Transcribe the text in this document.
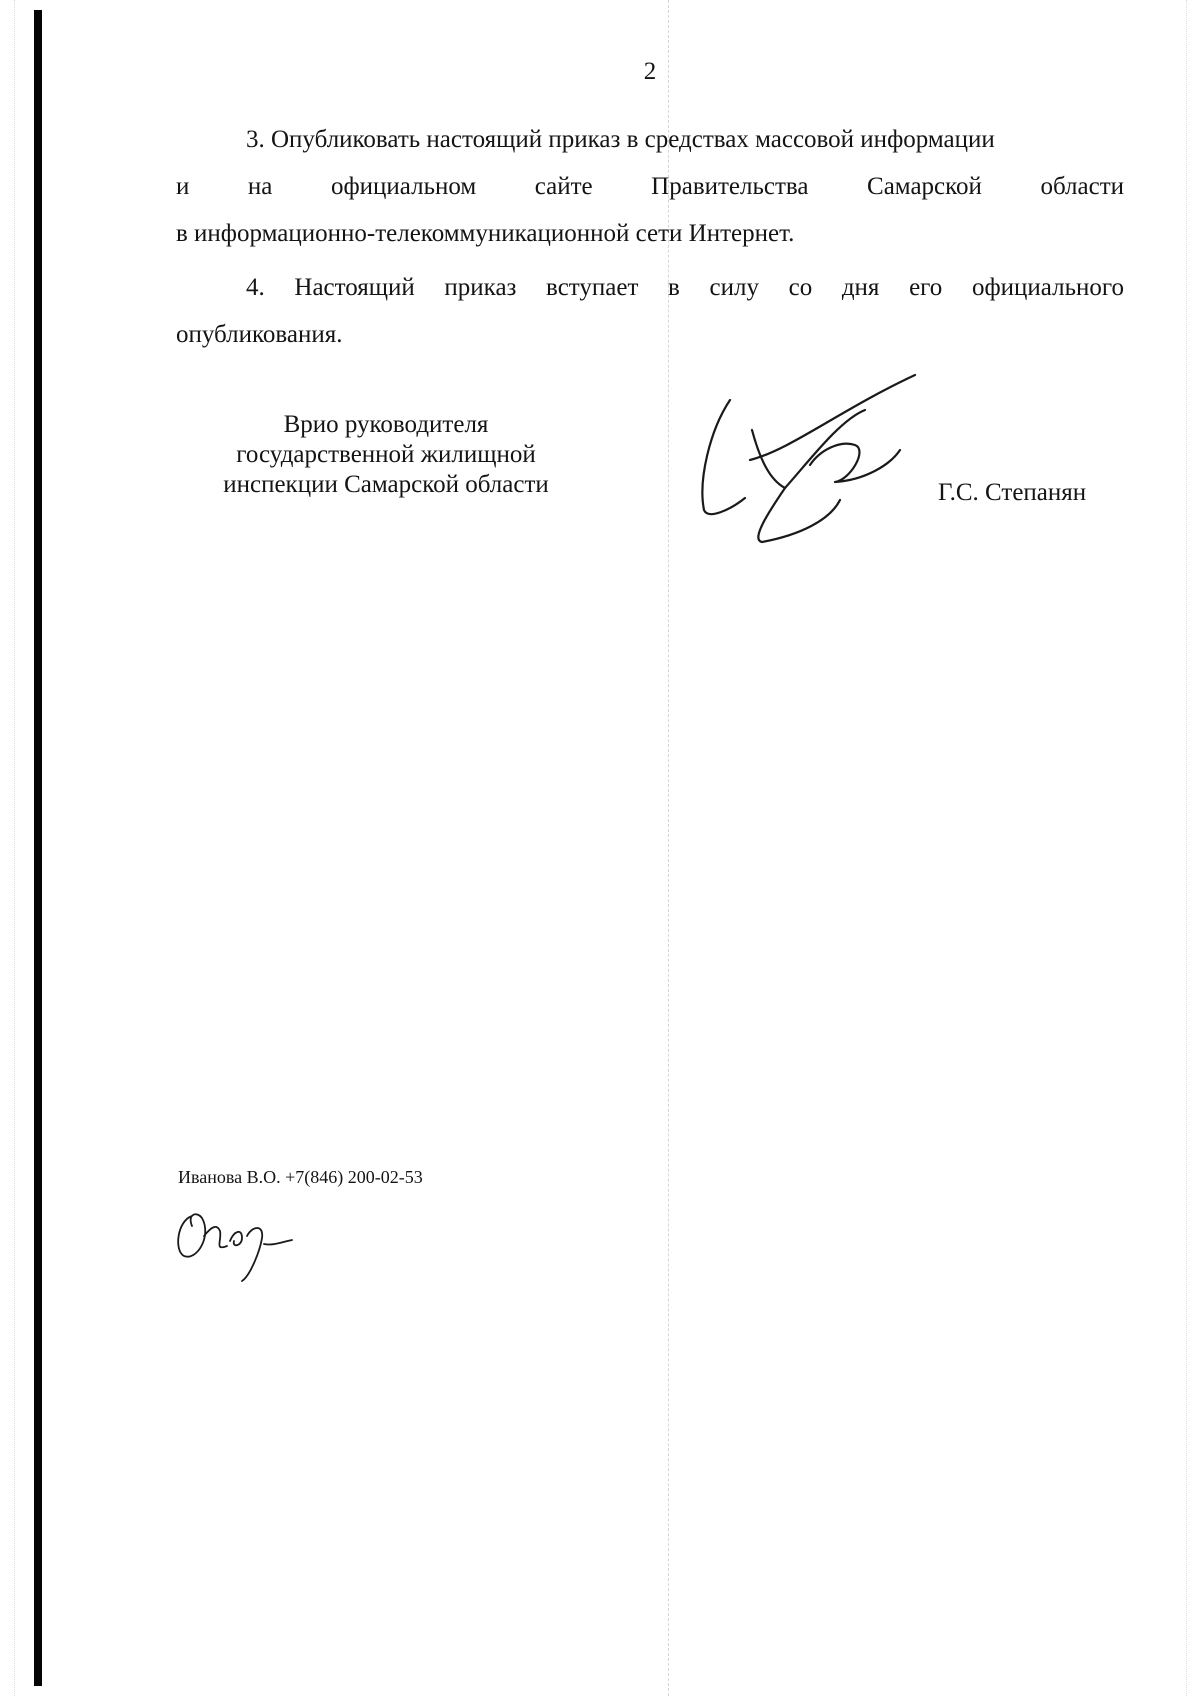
2
3. Опубликовать настоящий приказ в средствах массовой информации
и на официальном сайте Правительства Самарской области
в информационно-телекоммуникационной сети Интернет.
4. Настоящий приказ вступает в силу со дня его официального
опубликования.
Врио руководителя
государственной жилищной
инспекции Самарской области	Г.С. Степанян
Иванова В.О. +7(846) 200-02-53
